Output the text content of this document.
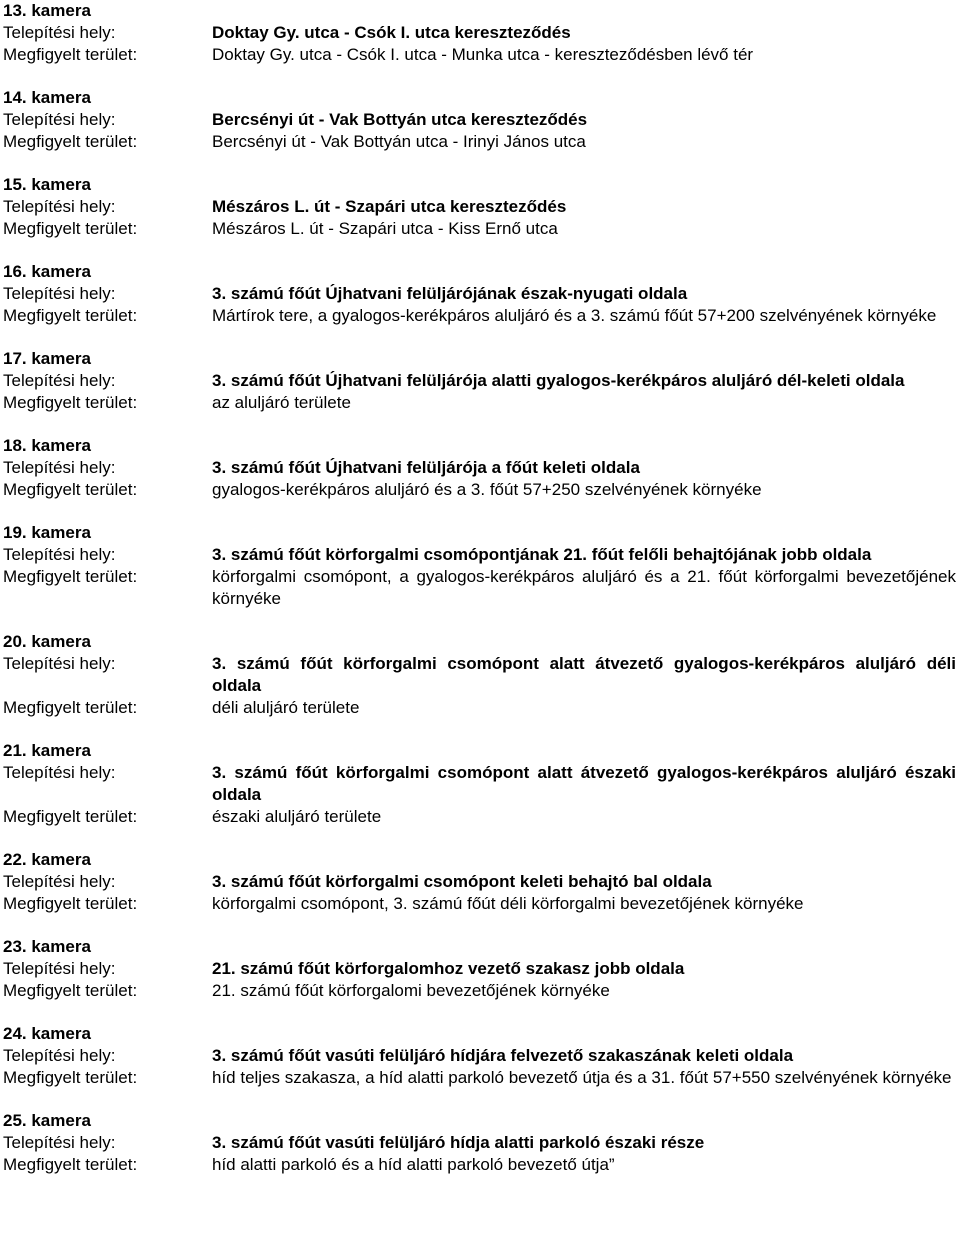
13. kamera
Telepítési hely:	Doktay Gy. utca - Csók I. utca kereszteződés
Megfigyelt terület:	Doktay Gy. utca - Csók I. utca - Munka utca - kereszteződésben lévő tér
14. kamera
Telepítési hely:	Bercsényi út - Vak Bottyán utca kereszteződés
Megfigyelt terület:	Bercsényi út - Vak Bottyán utca - Irinyi János utca
15. kamera
Telepítési hely:	Mészáros L. út - Szapári utca kereszteződés
Megfigyelt terület:	Mészáros L. út - Szapári utca - Kiss Ernő utca
16. kamera
Telepítési hely:	3. számú főút Újhatvani felüljárójának észak-nyugati oldala
Megfigyelt terület:	Mártírok tere, a gyalogos-kerékpáros aluljáró és a 3. számú főút 57+200 szelvényének környéke
17. kamera
Telepítési hely:	3. számú főút Újhatvani felüljárója alatti gyalogos-kerékpáros aluljáró dél-keleti oldala
Megfigyelt terület:	az aluljáró területe
18. kamera
Telepítési hely:	3. számú főút Újhatvani felüljárója a főút keleti oldala
Megfigyelt terület:	gyalogos-kerékpáros aluljáró és a 3. főút 57+250 szelvényének környéke
19. kamera
Telepítési hely:	3. számú főút körforgalmi csomópontjának 21. főút felőli behajtójának jobb oldala
Megfigyelt terület:	körforgalmi csomópont, a gyalogos-kerékpáros aluljáró és a 21. főút körforgalmi bevezetőjének környéke
20. kamera
Telepítési hely:	3. számú főút körforgalmi csomópont alatt átvezető gyalogos-kerékpáros aluljáró déli oldala
Megfigyelt terület:	déli aluljáró területe
21. kamera
Telepítési hely:	3. számú főút körforgalmi csomópont alatt átvezető gyalogos-kerékpáros aluljáró északi oldala
Megfigyelt terület:	északi aluljáró területe
22. kamera
Telepítési hely:	3. számú főút körforgalmi csomópont keleti behajtó bal oldala
Megfigyelt terület:	körforgalmi csomópont, 3. számú főút déli körforgalmi bevezetőjének környéke
23. kamera
Telepítési hely:	21. számú főút körforgalomhoz vezető szakasz jobb oldala
Megfigyelt terület:	21. számú főút körforgalomi bevezetőjének környéke
24. kamera
Telepítési hely:	3. számú főút vasúti felüljáró hídjára felvezető szakaszának keleti oldala
Megfigyelt terület:	híd teljes szakasza, a híd alatti parkoló bevezető útja és a 31. főút 57+550 szelvényének környéke
25. kamera
Telepítési hely:	3. számú főút vasúti felüljáró hídja alatti parkoló északi része
Megfigyelt terület:	híd alatti parkoló és a híd alatti parkoló bevezető útja”
